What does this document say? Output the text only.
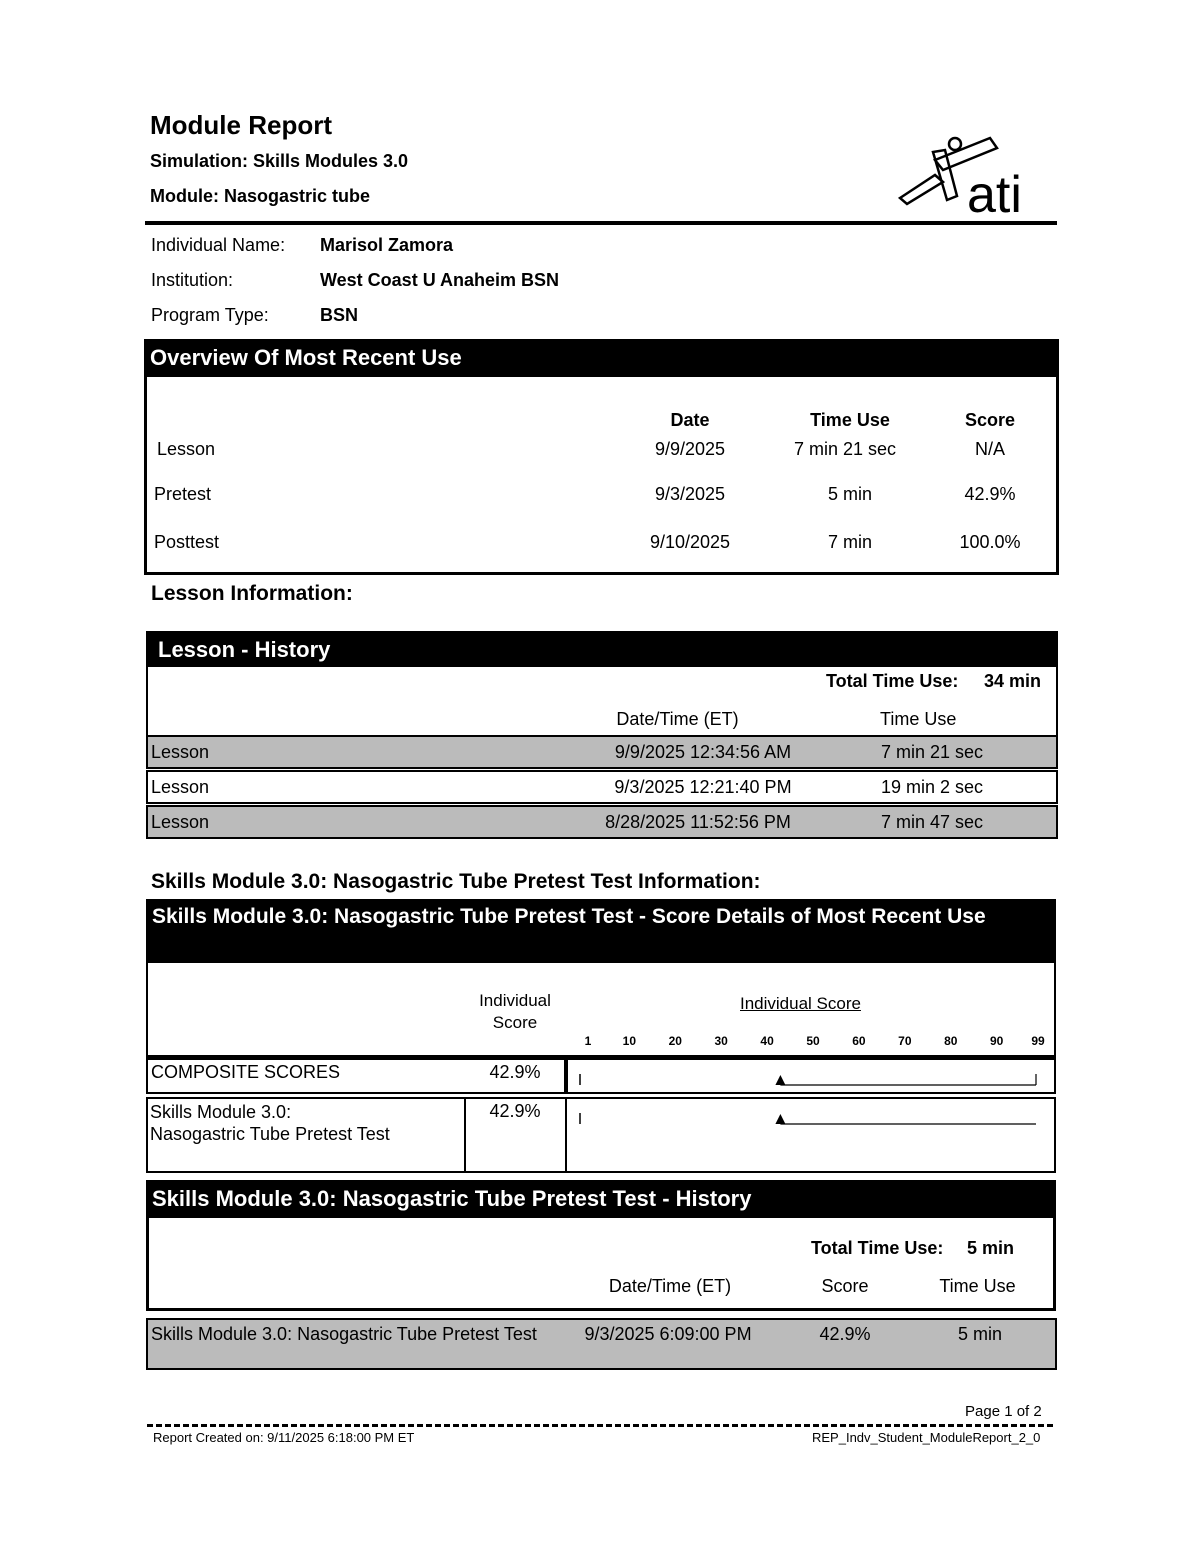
Module Report
Simulation: Skills Modules 3.0
Module: Nasogastric tube	ati
Individual Name: Marisol Zamora
Institution:	West Coast U Anaheim BSN
Program Type:	BSN
Overview Of Most Recent Use
Date	Time Use	Score
Lesson	9/9/2025	7 min 21 sec	N/A
Pretest	9/3/2025	5 min	42.9%
Posttest	9/10/2025	7 min	100.0%
Lesson Information:
Lesson - History
Total Time Use: 34 min
Date/Time (ET)	Time Use
Lesson	9/9/2025 12:34:56 AM	7 min 21 sec
Lesson	9/3/2025 12:21:40 PM	19 min 2 sec
Lesson	8/28/2025 11:52:56 PM	7 min 47 sec
Skills Module 3.0: Nasogastric Tube Pretest Test Information:
Skills Module 3.0: Nasogastric Tube Pretest Test - Score Details of Most Recent Use
Individual Score
Individual Score
1	10	20	30	40	50	60	70	80	90 99
COMPOSITE SCORES	42.9%
Skills Module 3.0: Nasogastric Tube Pretest Test
42.9%
Skills Module 3.0: Nasogastric Tube Pretest Test - History
Total Time Use: 5 min
Date/Time (ET)	Score	Time Use
Skills Module 3.0: Nasogastric Tube Pretest Test	9/3/2025 6:09:00 PM	42.9%	5 min
Page 1 of 2
Report Created on: 9/11/2025 6:18:00 PM ET	REP_Indv_Student_ModuleReport_2_0
